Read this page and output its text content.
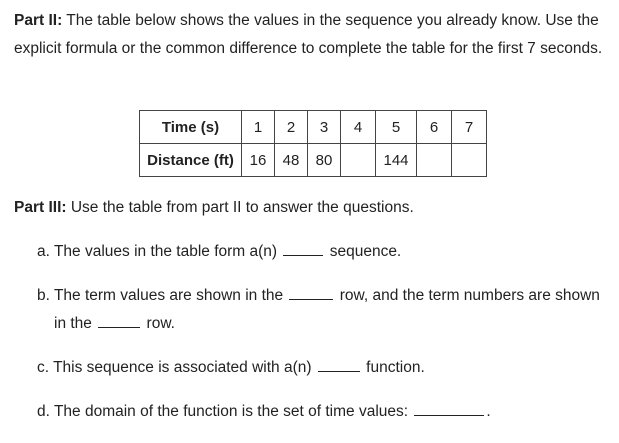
Part II: The table below shows the values in the sequence you already know. Use the explicit formula or the common difference to complete the table for the first 7 seconds.

Time (s)	1	2	3	4	5	6	7
Distance (ft)	16	48	80		144		

Part III: Use the table from part II to answer the questions.

a. The values in the table form a(n)	sequence.

b. The term values are shown in the	row, and the term numbers are shown
in the	row.

c. This sequence is associated with a(n)	function.

d. The domain of the function is the set of time values:	.
